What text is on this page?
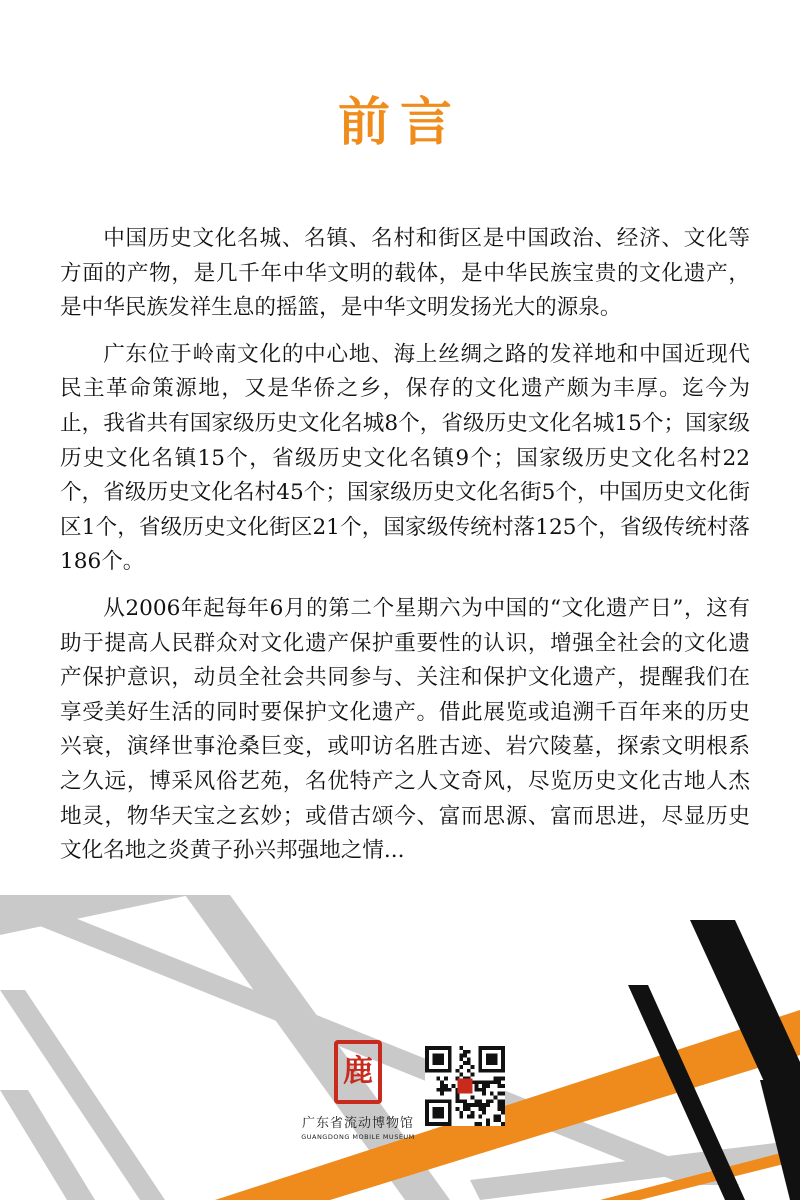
前言

中国历史文化名城、名镇、名村和街区是中国政治、经济、文化等方面的产物，是几千年中华文明的载体，是中华民族宝贵的文化遗产，是中华民族发祥生息的摇篮，是中华文明发扬光大的源泉。

广东位于岭南文化的中心地、海上丝绸之路的发祥地和中国近现代民主革命策源地，又是华侨之乡，保存的文化遗产颇为丰厚。迄今为止，我省共有国家级历史文化名城8个，省级历史文化名城15个；国家级历史文化名镇15个，省级历史文化名镇9个；国家级历史文化名村22个，省级历史文化名村45个；国家级历史文化名街5个，中国历史文化街区1个，省级历史文化街区21个，国家级传统村落125个，省级传统村落186个。

从2006年起每年6月的第二个星期六为中国的“文化遗产日”，这有助于提高人民群众对文化遗产保护重要性的认识，增强全社会的文化遗产保护意识，动员全社会共同参与、关注和保护文化遗产，提醒我们在享受美好生活的同时要保护文化遗产。借此展览或追溯千百年来的历史兴衰，演绎世事沧桑巨变，或叩访名胜古迹、岩穴陵墓，探索文明根系之久远，博采风俗艺苑，名优特产之人文奇风，尽览历史文化古地人杰地灵，物华天宝之玄妙；或借古颂今、富而思源、富而思进，尽显历史文化名地之炎黄子孙兴邦强地之情...

鹿
广东省流动博物馆
GUANGDONG MOBILE MUSEUM
